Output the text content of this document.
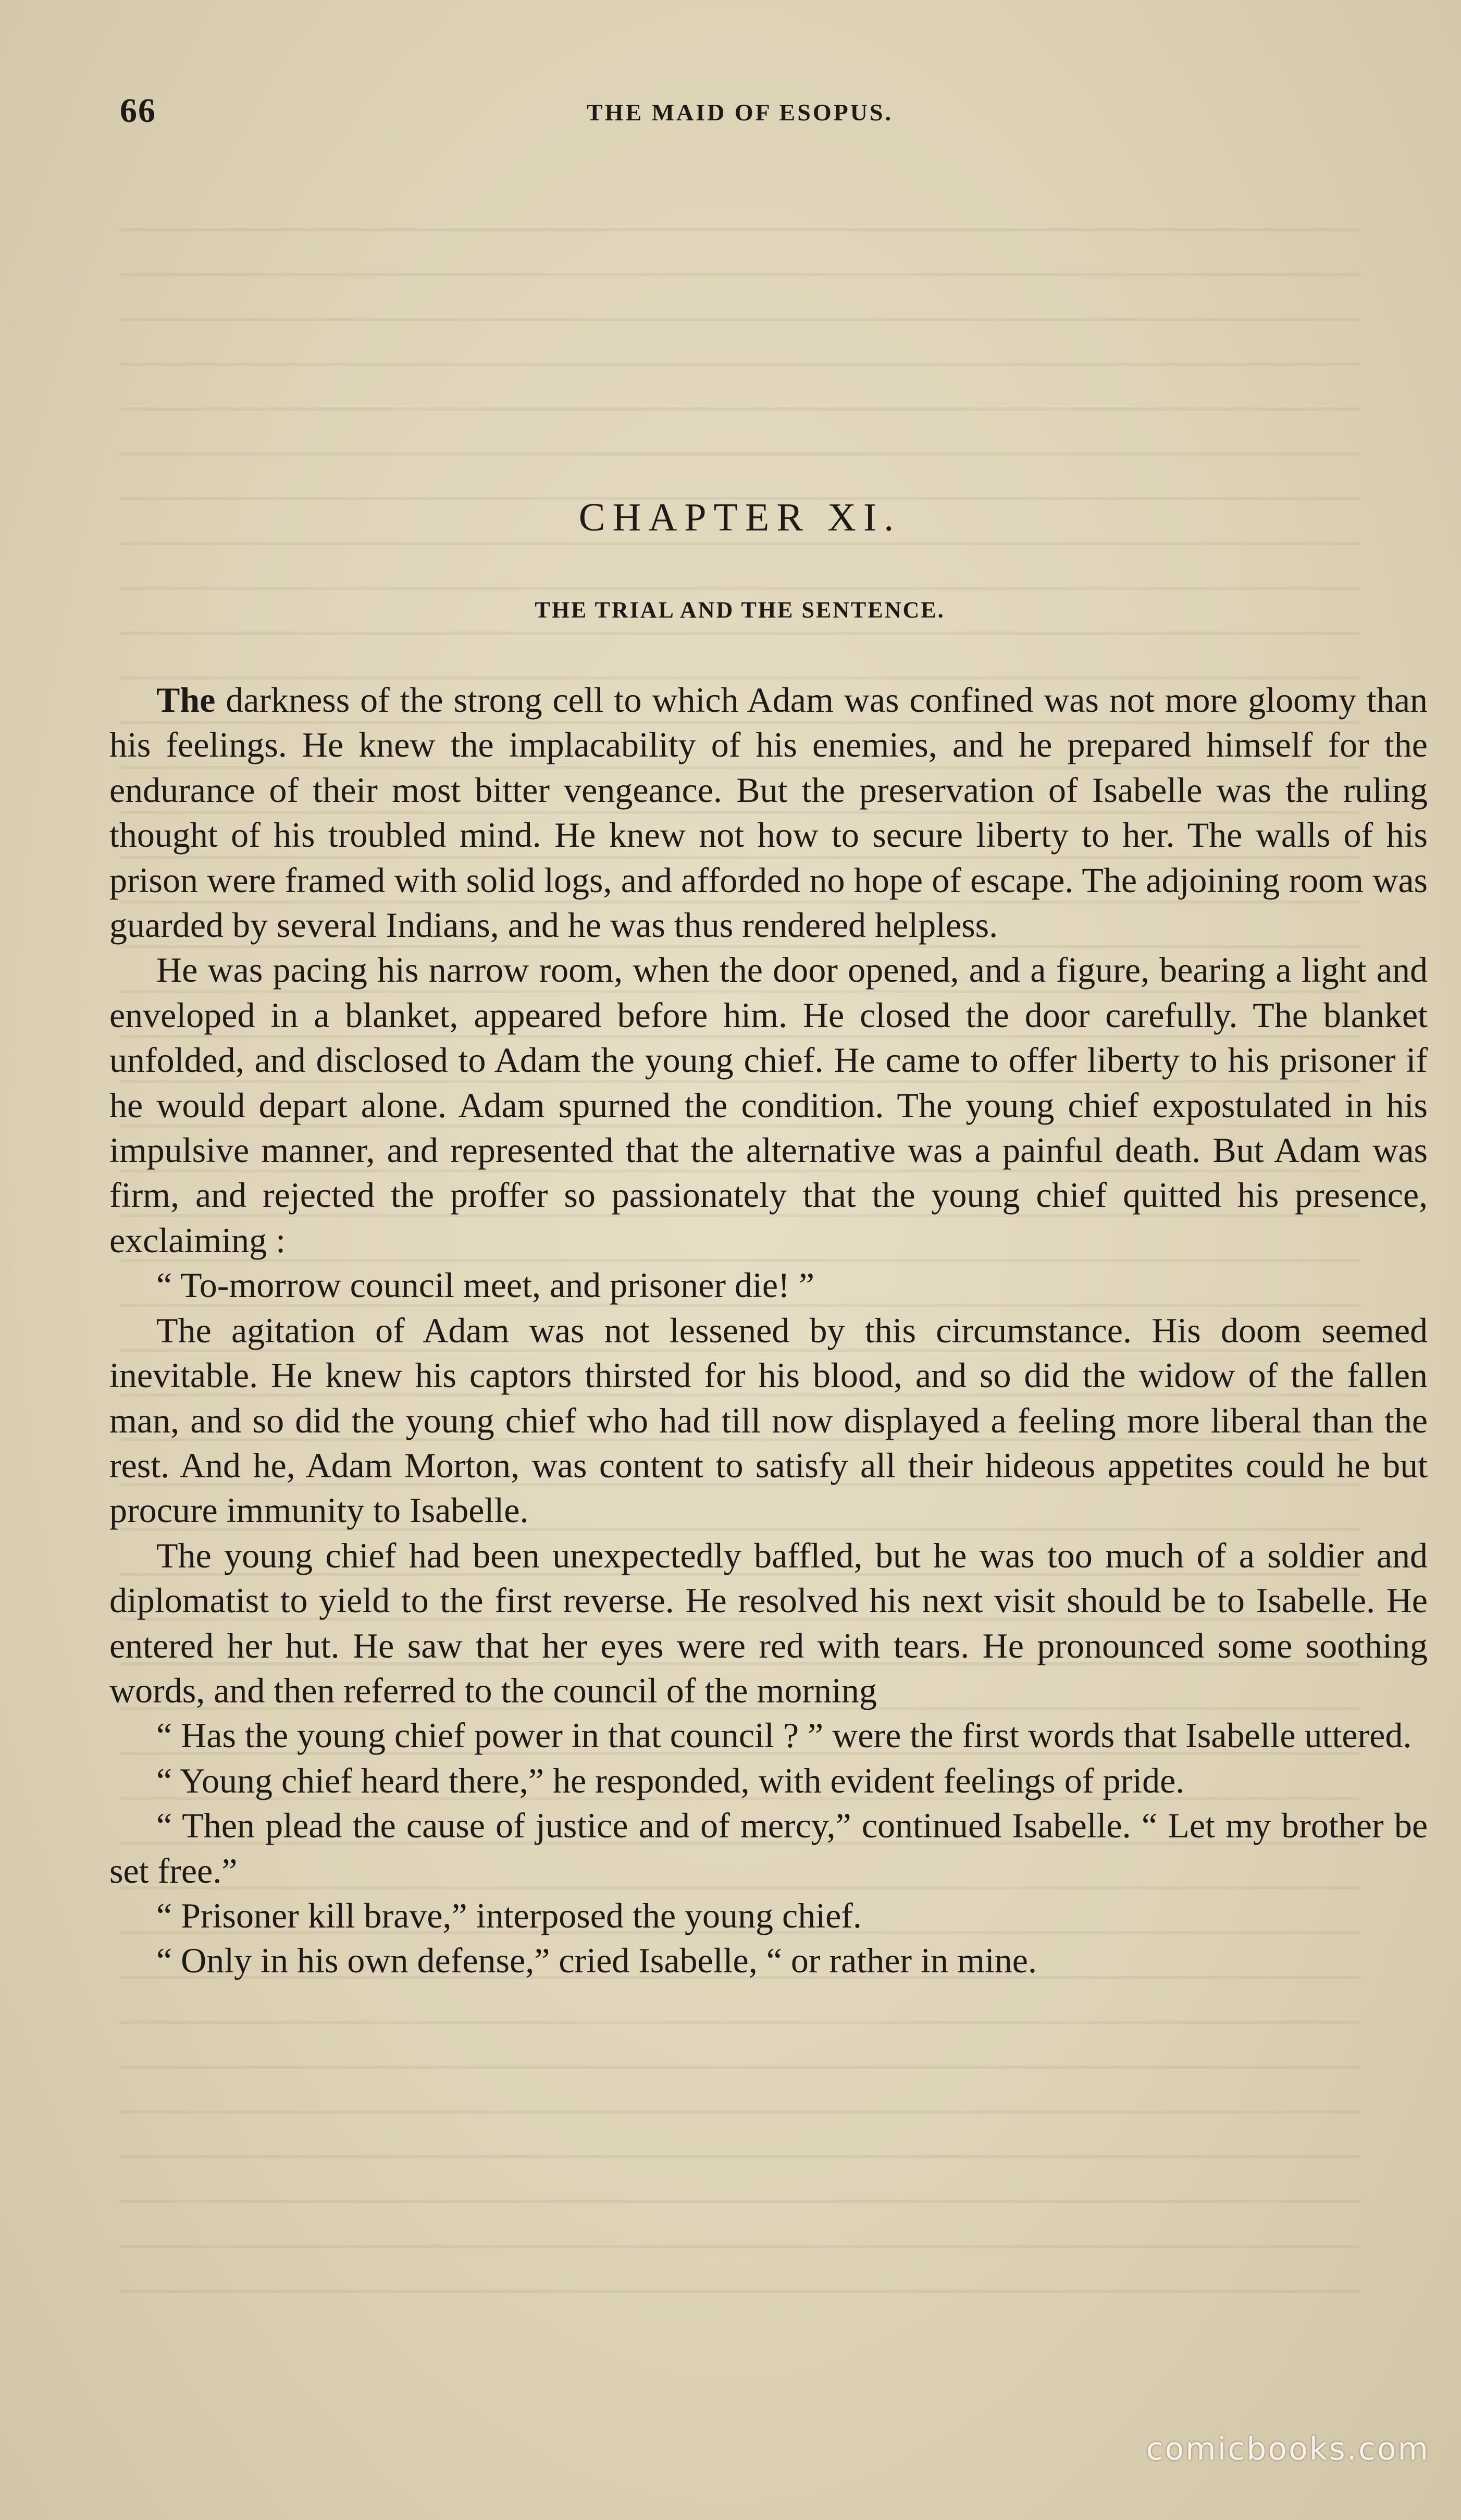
66	THE MAID OF ESOPUS.
CHAPTER XI.
THE TRIAL AND THE SENTENCE.

The darkness of the strong cell to which Adam was confined was not more gloomy than his feelings. He knew the implacability of his enemies, and he prepared himself for the endurance of their most bitter vengeance. But the preservation of Isabelle was the ruling thought of his troubled mind. He knew not how to secure liberty to her. The walls of his prison were framed with solid logs, and afforded no hope of escape. The adjoining room was guarded by several Indians, and he was thus rendered helpless.

He was pacing his narrow room, when the door opened, and a figure, bearing a light and enveloped in a blanket, appeared before him. He closed the door carefully. The blanket unfolded, and disclosed to Adam the young chief. He came to offer liberty to his prisoner if he would depart alone. Adam spurned the condition. The young chief expostulated in his impulsive manner, and represented that the alternative was a painful death. But Adam was firm, and rejected the proffer so passionately that the young chief quitted his presence, exclaiming :

“ To-morrow council meet, and prisoner die! ”

The agitation of Adam was not lessened by this circumstance. His doom seemed inevitable. He knew his captors thirsted for his blood, and so did the widow of the fallen man, and so did the young chief who had till now displayed a feeling more liberal than the rest. And he, Adam Morton, was content to satisfy all their hideous appetites could he but procure immunity to Isabelle.

The young chief had been unexpectedly baffled, but he was too much of a soldier and diplomatist to yield to the first reverse. He resolved his next visit should be to Isabelle. He entered her hut. He saw that her eyes were red with tears. He pronounced some soothing words, and then referred to the council of the morning

“ Has the young chief power in that council ? ” were the first words that Isabelle uttered.

“ Young chief heard there,” he responded, with evident feelings of pride.

“ Then plead the cause of justice and of mercy,” continued Isabelle. “ Let my brother be set free.”

“ Prisoner kill brave,” interposed the young chief.

“ Only in his own defense,” cried Isabelle, “ or rather in mine.

comicbooks.com
